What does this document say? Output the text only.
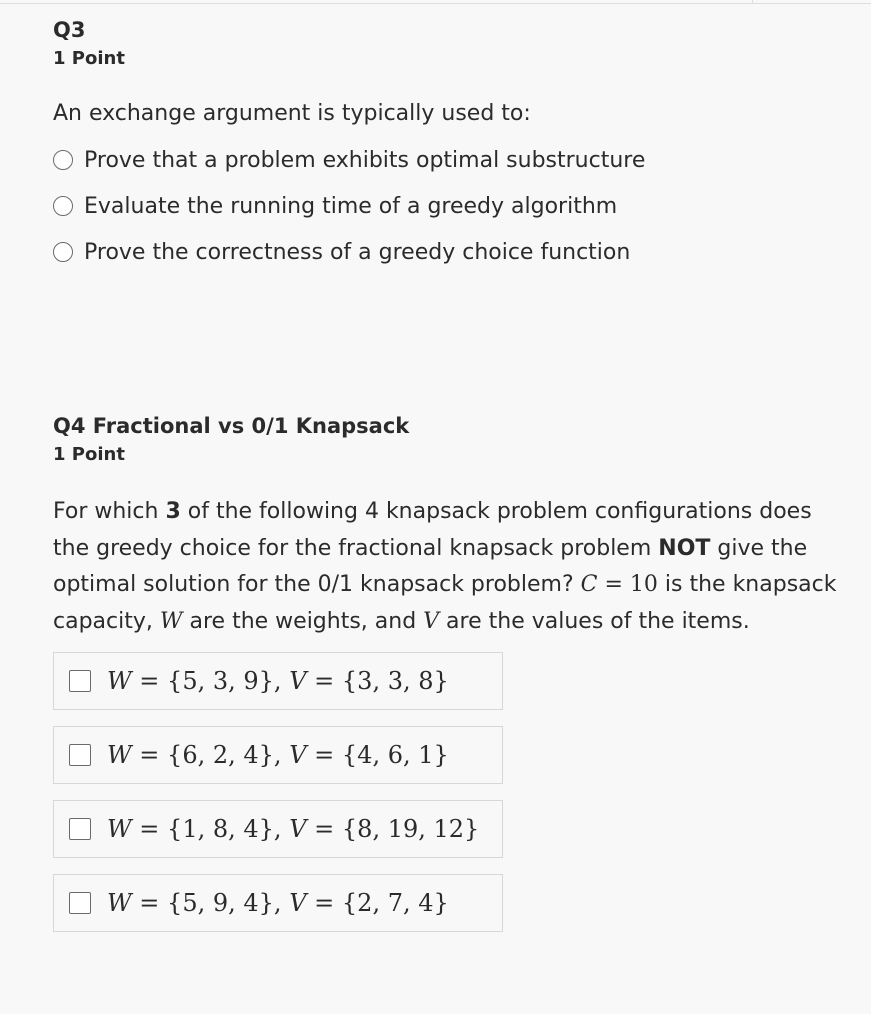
Q3
1 Point
An exchange argument is typically used to:
Prove that a problem exhibits optimal substructure
Evaluate the running time of a greedy algorithm
Prove the correctness of a greedy choice function
Q4 Fractional vs 0/1 Knapsack
1 Point
For which 3 of the following 4 knapsack problem configurations does the greedy choice for the fractional knapsack problem NOT give the optimal solution for the 0/1 knapsack problem? C = 10 is the knapsack capacity, W are the weights, and V are the values of the items.
W = {5, 3, 9}, V = {3, 3, 8}
W = {6, 2, 4}, V = {4, 6, 1}
W = {1, 8, 4}, V = {8, 19, 12}
W = {5, 9, 4}, V = {2, 7, 4}
